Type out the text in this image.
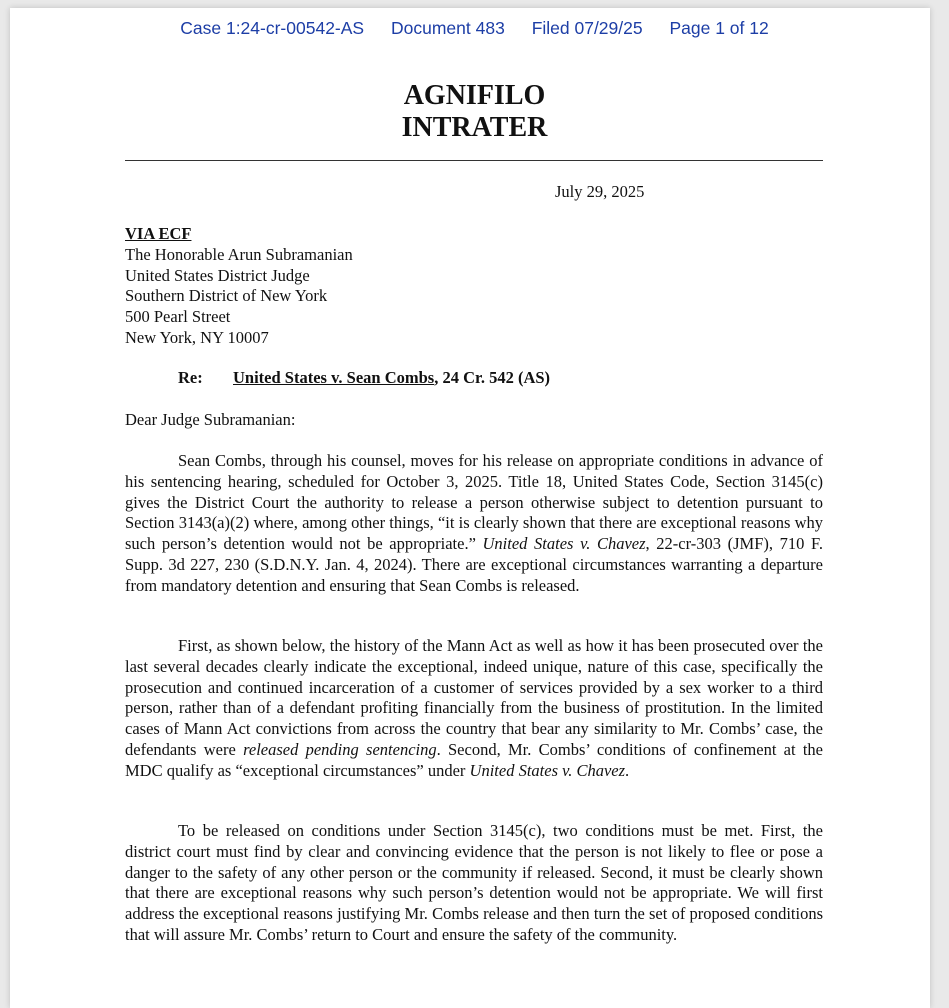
Case 1:24-cr-00542-AS Document 483 Filed 07/29/25 Page 1 of 12
AGNIFILO
INTRATER
July 29, 2025
VIA ECF
The Honorable Arun Subramanian
United States District Judge
Southern District of New York
500 Pearl Street
New York, NY 10007
Re: United States v. Sean Combs, 24 Cr. 542 (AS)
Dear Judge Subramanian:

Sean Combs, through his counsel, moves for his release on appropriate conditions in advance of his sentencing hearing, scheduled for October 3, 2025. Title 18, United States Code, Section 3145(c) gives the District Court the authority to release a person otherwise subject to detention pursuant to Section 3143(a)(2) where, among other things, “it is clearly shown that there are exceptional reasons why such person’s detention would not be appropriate.” United States v. Chavez, 22-cr-303 (JMF), 710 F. Supp. 3d 227, 230 (S.D.N.Y. Jan. 4, 2024). There are exceptional circumstances warranting a departure from mandatory detention and ensuring that Sean Combs is released.

First, as shown below, the history of the Mann Act as well as how it has been prosecuted over the last several decades clearly indicate the exceptional, indeed unique, nature of this case, specifically the prosecution and continued incarceration of a customer of services provided by a sex worker to a third person, rather than of a defendant profiting financially from the business of prostitution. In the limited cases of Mann Act convictions from across the country that bear any similarity to Mr. Combs’ case, the defendants were released pending sentencing. Second, Mr. Combs’ conditions of confinement at the MDC qualify as “exceptional circumstances” under United States v. Chavez.

To be released on conditions under Section 3145(c), two conditions must be met. First, the district court must find by clear and convincing evidence that the person is not likely to flee or pose a danger to the safety of any other person or the community if released. Second, it must be clearly shown that there are exceptional reasons why such person’s detention would not be appropriate. We will first address the exceptional reasons justifying Mr. Combs release and then turn the set of proposed conditions that will assure Mr. Combs’ return to Court and ensure the safety of the community.
